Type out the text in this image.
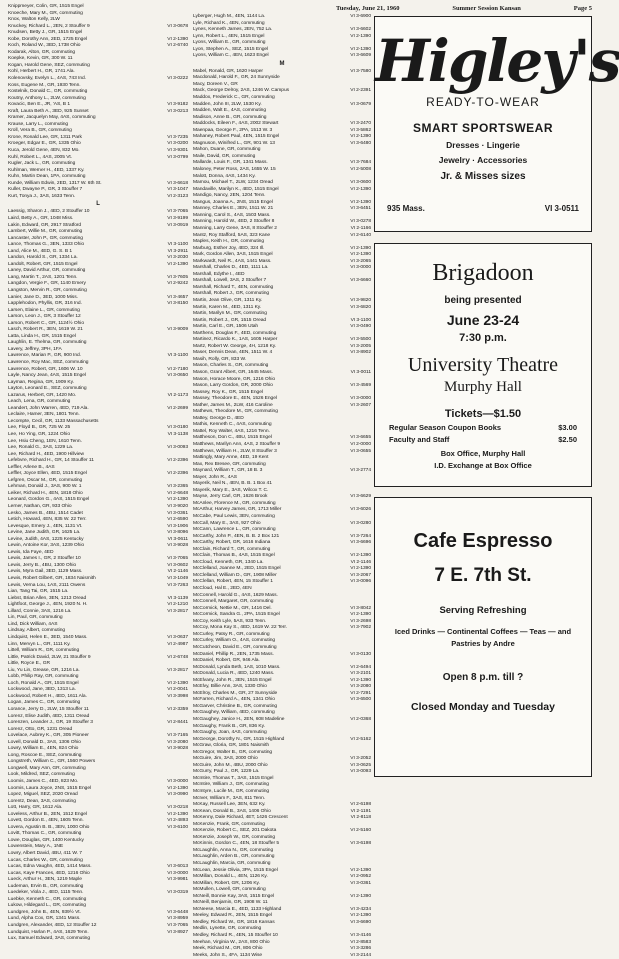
Tuesday, June 21, 1960	Summer Session Kansan	Page 5
Knippmeyer, Colin, GR, 1515 Engel
Knoeche, Mary M., GR, commuting
Knox, Walton Kelly, 2LW
Knuckey, Richard L., 2EN, 2 Stouffer 9	VI 3-0678
Knudsen, Betty J., GR, 1515 Engel
Kobe, Dorothy Ann, 2ED, 1725 Engel	VI 2-1390
Koch, Roland W., 3ED, 1738 Ohio	VI 2-6740
Kodarak, Alton, GR, commuting
Koepke, Kevin, GR, 300 W. 11
Kogan, Harold Gene, SEZ, commuting
Kohl, Herbert H., GR, 1741 Ala.
Kolenovsky, Evelyn L., 4AS, 743 Ind.	VI 3-0222
Koss, Eugene M., GR, 1930 Tenn.
Kostelnik, Donald C., GR, commuting
Koutny, Anthony L., 2LW, commuting
Kovacic, Ben E., JR, 'AS, B 1	VI 3-9182
Kraft, Laura Beth A., 3ED, 925 Sunset	VI 3-0213
Kramer, Jacquelyn May, 4AS, commuting
Krause, Larry L., commuting
Kroll, Vera B., GR, commuting
Krone, Ronald Lee, GR, 1311 Park	VI 3-7235
Kroeger, Edgar E., GR, 1335 Ohio	VI 3-0200
Kuca, Jerold Gene, 4EN, 832 Mo.	VI 3-9301
Kuhl, Robert L., 4AS, 2005 Vt.	VI 3-0799
Kugler, Jack L., GR, commuting
Kuhlman, Werner H., 4ED, 1337 Ky.
Kuhn, Martin Dean, 1PA, commuting
Kunde, William Edwin, 2ED, 1317 W. 6th St.	VI 3-6618
Kuller, Dwayne P., GR, 3 Stouffer 7	VI 3-1047
Kurt, Tonya J., 3AS, 1633 Tenn.	VI 2-3123
L
Laessig, Sharon J., 4ED, 2 Stouffer 10	VI 3-7065
Laird, Betty A., GR, 1048 Miss.	VI 3-9199
Lakin, Edward, GR, 2917 Stratford	VI 3-0919
Lambert, Willie M., GR, commuting
Lancaster, John P., GR, commuting
Lance, Thomas G., 3EN, 1333 Ohio	VI 3-1100
Land, Alice M., 4ED, G. S. B 1	VI 3-2911
Landon, Harold S., GR, 1334 La.	VI 3-2030
Landolt, Robert, GR, 1515 Engel	VI 2-1390
Laney, David Arthur, GR, commuting
Lang, Martin T., 2AS, 1201 Tenn.	VI 3-7605
Langdon, Vergie F., GR, 1140 Emery	VI 2-9242
Langston, Mervin R., GR, commuting
Lanier, Jane D., 3ED, 1000 Miss.	VI 3-4657
Lapplehodon, Phyllis, GR, 316 Ind.	VI 3-8150
Larsen, Elaine L., GR, commuting
Larson, Leon J., GR, 3 Stouffer 12
Larson, Robert C., GR, 1124½ Ohio
Lasch, Robert R., 3EN, 1619 W. 21	VI 3-9009
Latta, Linda H., GR, 1515 Engel
Laughlin, E. Thelma, GR, commuting
Lavery, Jeffrey, 3PH, 1FA
Lawrence, Marian P., GR, 900 Ind.	VI 3-1100
Lawrence, Roy Mac, SEZ, commuting
Lawrence, Robert, GR, 1606 W. 10	VI 2-7180
Layle, Nancy Jean, 4AS, 1515 Engel	VI 3-0650
Layman, Regina, GR, 1909 Ky.
Layton, Leonard E., SEZ, commuting
Lazarus, Herbert, GR, 1420 Mo.	VI 2-1173
Leach, Lena, GR, commuting
Leandert, John Warren, 4ED, 719 Ala.	VI 2-2699
Leclaire, Hamer, 3EN, 1801 Tenn.
Lecompte, Cecil, GR, 1133 Massachusetts
Lee, Floyd B., GR, 725 W. 25	VI 3-0180
Lee, Ho Ying, GR, 1224 Ohio	VI 3-1138
Lee, Hsiu Cheng, 1EN, 1610 Tenn.
Lee, Ronald G., 3AS, 1229 La.	VI 3-0093
Lee, Richard H., 4ED, 1900 Hillview
Lefebvre, Richard H., GR, 14 Stouffer 11	VI 2-2396
Leffler, Arlene B., 4AS
Leffler, Joyce Ellen, 4ED, 1515 Engel	VI 2-2396
Lefgren, Oscar M., GR, commuting
Lehman, Donald J., 3AS, 900 W. 1	VI 3-2365
Leiker, Richard H., 4EN, 1818 Ohio	VI 2-6648
Leonard, Gordon G., 4AS, 1515 Engel	VI 2-1390
Lerner, Nathan, GR, 933 Ohio	VI 3-9020
Lesko, James B., 4BU, 1514 Cadet	VI 3-0361
Letich, Howard, 4EN, 835 W. 22 Terr.	VI 2-6590
Levesque, Emery J., 4EN, 1131 Vt.	VI 3-1906
Levine, Jane Judith, GR, 1625 La.	VI 3-8096
Levine, Judith, 4AS, 1225 Kentucky	VI 3-0611
Lewin, Antoine Kor, 3AS, 1239 Ohio	VI 3-9028
Lewis, Ida Faye, 4ED
Lewis, James I., GR, 2 Stouffer 10	VI 3-7065
Lewis, Jerry B., 4BU, 1300 Ohio	VI 3-0602
Lewis, Myra Gail, 3ED, 1129 Mass.	VI 2-1146
Lewis, Robert Gilbert, GR, 1834 Naismith	VI 3-1049
Lewis, Verna Lou, 1AS, 2111 Owens	VI 3-7263
Lian, Tang Tai, GR, 1515 La.
Liebst, Brian Allen, 3EN, 1213 Oread	VI 3-1139
Lightfoot, George J., 4EN, 1920 N. H.	VI 2-1210
Lillard, Connie, 3AS, 1216 La.	VI 3-2817
Lin, Paul, GR, commuting
Lind, Dick William, 4AS
Lindsay, Albert, commuting
Lindquist, Helen E., 3ED, 1540 Mass.	VI 3-0637
Linn, Mervyn L., GR, 1111 Ky.	VI 2-4987
Littell, William R., GR, commuting
Little, Patrick David, 2LW, 21 Stouffer 9	VI 2-6748
Little, Royce E., GR
Liu, Yu Lin, Grease, GR, 1216 La.	VI 3-2817
Lobb, Philip Ray, GR, commuting
Loch, Ronald A., GR, 1515 Engel	VI 2-1390
Lockwood, Jane, 3ED, 1313 La.	VI 2-0041
Lockwood, Robert H., 4ED, 1611 Ala.	VI 3-3998
Logan, James C., GR, commuting
Lorance, Jerry D., 2LW, 15 Stouffer 11	VI 2-3359
Lorenz, Elise Judith, 4ED, 1311 Oread
Lorenzen, Leander J., GR, 19 Stouffer 3	VI 2-8441
Lorenz, Otto, GR, 1231 Oread
Lovelace, Aubrey K., GR, 305 Pioneer	VI 3-7165
Lovell, Donald D., 3AS, 1306 Ohio	VI 3-2080
Lowry, William E., 4EN, 824 Ohio	VI 3-9028
Long, Roscoe E., SEZ, commuting
Longstreth, William C., GR, 1560 Powers
Longwell, Mary Ann, GR, commuting
Look, Mildred, SEZ, commuting
Loomis, James C., 4ED, 823 Mo.	VI 3-0000
Loomis, Laura Joyce, 2NS, 1515 Engel	VI 2-1390
Lopez, Miguel, SEZ, 2020 Oread	VI 3-0990
Lorentz, Dean, 3AS, commuting
Lott, Harry, GR, 1612 Ala.	VI 3-0218
Loveless, Arthur B., 2EN, 1512 Engel	VI 2-1390
Lovett, Gordon E., 4EN, 1605 Tenn.	VI 2-4893
Lovera, Agustin B. B., 3EN, 1000 Ohio	VI 3-6100
Lovitt, Thomas C., GR, commuting
Lowe, Douglas, GR, 1400 Kentucky
Lowenstein, Mary A., 1NE
Lowry, Albert David, 4BU, 411 W. 7
Lucas, Charles W., GR, commuting
Lucas, Edna Vaughn, 4ED, 1414 Mass.	VI 3-6013
Lucas, Kaye Frances, 4ED, 1216 Ohio	VI 3-0000
Lueck, Arthur H., 3EN, 1219 Maple	VI 3-9981
Ludeman, Ervin B., GR, commuting
Luedeker, Viola J., 4ED, 1115 Tenn.	VI 3-0319
Luebke, Kenneth C., GR, commuting
Lukow, Hildegard L., GR, commuting
Lundgren, John B., 4EN, 939½ Vt.	VI 3-6448
Lund, Alpha Cox, GR, 1341 Mass.	VI 3-8959
Lundgren, Alexander, 4ED, 12 Stouffer 12	VI 3-7065
Lundquist, Harlan P., 4AS, 1629 Tenn.	VI 3-8927
Lux, Samuel Edward, 3AS, commuting
Lyberger, Hugh M., 4EN, 1144 La.	VI 3-6900
Lyle, Richard K., 4EN, commuting
Lynes, Kenneth James, 2EN, 752 La.	VI 3-6602
Lynn, Robert L., 4EN, 1515 Engel	VI 2-1390
Lyons, William E., GR, commuting
Lyon, Stephen A., SEZ, 1515 Engel	VI 2-1390
Lyons, William C., 4EN, 1623 Engel	VI 3-6609
M
Mabel, Ronald, GR, 1620 Harper	VI 3-7580
Macdonald, Harold F., GR, 24 Sunnyside
Macy, Doreen V., GR
Mack, George Delroy, 2AS, 1246 W. Campus	VI 2-2391
Maddox, Frederick C., GR, commuting
Madden, John III, 2LW, 1530 Ky.	VI 3-0679
Madden, Walt E., 4AS, commuting
Madison, Anne B., GR, commuting
Maddocks, Eileen F., 4AS, 2002 Stewart	VI 3-2470
Maenpaa, George F., 2PA, 1513 W. 3	VI 3-5862
Mahaney, Robert Paul, 4EN, 1515 Engel	VI 2-1390
Magnuson, Winifred L., GR, 901 W. 13	VI 3-6480
Mahon, Duane, GR, commuting
Maile, David, GR, commuting
Mallarde, Louis F., GR, 1341 Mass.	VI 3-7684
Maloney, Peter Ross, 2AS, 1655 W. 15	VI 2-5008
Malott, Donna, 4AS, 1434 Ky.
Mamou, Michael T., 2LW, 1234 Oread	VI 3-0600
Mandaville, Marilyn K., 4ED, 1515 Engel	VI 2-1390
Mandigo, Nancy, 2EN, 1204 Tenn.
Mangus, Joanna A., 2NS, 1515 Engel	VI 2-1390
Manney, Charles E., 3EN, 1511 W. 21	VI 3-6451
Manning, Carol S., 4AS, 1503 Mass.
Manning, Harold W., 4ED, 2 Stouffer 8	VI 3-0278
Manning, Larry Gene, 3AS, 8 Stouffer 2	VI 2-1166
Mantz, Roy Stafford, 5AS, 323 Kane	VI 2-6140
Maples, Keith H., GR, commuting
Marburg, Esther Joy, 4ED, 324 Ill.	VI 2-1390
Mark, Gordon Allen, 3AS, 1515 Engel	VI 2-1390
Markwardt, Neil R., 4AS, 1441 Mass.	VI 3-2065
Marshall, Charles D., 4ED, 1111 La.	VI 3-0000
Marshall, Edythe I., 4ED
Marshall, Lowell, 3AS, 2 Stouffer 7	VI 3-6660
Marshall, Richard T., 4EN, commuting
Marshall, Robert J., GR, commuting
Martin, Jean Olive, GR, 1311 Ky.	VI 3-9820
Martin, Karen M., 4ED, 1311 Ky.	VI 3-6820
Martin, Marilyn M., GR, commuting
Martin, Robert J., GR, 1515 Oread	VI 3-1100
Martin, Carl E., GR, 1506 Utah	VI 3-0490
Marthens, Douglas F., 4ED, commuting
Martinez, Ricardo K., 1AS, 1605 Harper	VI 3-5500
Martz, Robert W. George, 4H, 1218 Ky.	VI 3-2005
Maser, Dennis Dean, 4EN, 1511 W. 4	VI 3-8902
Masih, Rolly, GR, 833 W.
Mason, Charles S., GR, commuting
Mason, Grant Albert, GR, 1645 Mass.	VI 3-0011
Mason, Horace Moore, GR, 1216 Ohio
Mason, Larry Gordon, GR, 2000 Ohio	VI 3-4569
Massey, Roy K., GR, 1515 Engel
Massey, Theodore E., 4EN, 1526 Engel	VI 3-0000
Mather, James M., 2LW, 416 Caroline	VI 3-2607
Mathews, Theodore M., GR, commuting
Mattey, George D., 4ED
Mathis, Kenneth C., 4AS, commuting
Mattel, Roy Walter, 4AS, 1216 Tenn.
Mattheson, Don C., 4BU, 1515 Engel	VI 3-6655
Matthews, Marilyn Ann, 4AS, 2 Stouffer 9	VI 2-0000
Matthews, William H., 2LW, 8 Stouffer 3	VI 3-0655
Mattingly, Mary Anne, 4ED, 19 Kent
Max, Rex Bresee, GR, commuting
Maynard, William T., GR, 18 B. 3	VI 3-2774
Mayer, John R., 4AS
Mayerik, Neil N., 4EN, B. B. 1 Box 41
Mayerik, Mary E., 3AS, Wilcox T. C.
Mayse, Jerry Carl, GR, 1626 Brook	VI 3-6629
McAnlee, Florence M., GR, commuting
McArthur, Harvey James, GR, 1713 Miller	VI 3-6026
McCabe, Paul Lewis, 3EN, commuting
McCall, Mary E., 3AS, 927 Ohio	VI 3-0280
McCann, Lawrence L., GR, commuting
McCarthy, John P., 4EN, B. B. 2 Box 121	VI 3-7264
McCarthy, Robert, GR, 1616 Indiana	VI 3-6696
McClain, Richard T., GR, commuting
McClain, Thomas B., 4AS, 1515 Engel	VI 2-1390
McCloud, Kenneth, GR, 1340 La.	VI 2-1146
McClelland, Joanne M., 2ED, 1515 Engel	VI 2-1390
McClelland, William D., GR, 1908 Miller	VI 3-2067
McClellan, Robert, 4EN, 15 Stouffer 1	VI 3-0096
McCloud, Hal E., 2ED, 4EN
McConnell, Harold G., 4AS, 1629 Mass.
McConnell, Margaret, GR, commuting
McCormick, Nettie M., GR, 1416 Del.	VI 3-8042
McCormick, Sandra G., 2PA, 1515 Engel	VI 2-1390
McCoy, Keith Lyle, 5AS, 933 Tenn.	VI 3-2698
McCoy, Mona Kay S., 4ED, 1619 W. 22 Terr.	VI 3-7902
McCurley, Patsy R., GR, commuting
McCurley, William O., 4AS, commuting
McCutcheon, David E., GR, commuting
McDaniel, Phillip R., 2EN, 1735 Mass.	VI 3-0130
McDaniel, Robert, GR, 946 Ala.
McDonald, Lynda Beth, 1AS, 1010 Mass.	VI 2-6494
McDonald, Lucia R., 4ED, 1240 Mass.	VI 3-2101
McElvany, John R., 3EN, 1515 Engel	VI 2-1390
McElvy, Billie Ann, 3AS, 1330 Ohio	VI 3-2080
McElroy, Charles M., GR, 27 Sunnyside	VI 2-7291
McFarren, Richard A., 4EN, 1341 Ohio	VI 3-6500
McGarver, Christine B., GR, commuting
McGaughey, William, 4ED, commuting
McGaughey, Janice H., 2EN, 608 Madeline	VI 2-0368
McGaughy, Frank B., GR, 836 Ky.
McGaughy, Joan, 4AS, commuting
McGeorge, Dorothy N., GR, 1515 Highland	VI 2-5162
McGraw, Gloria, GR, 1801 Naismith
McGregor, Walter B., GR, commuting
McGuire, Jim, 3AS, 2000 Ohio	VI 3-2052
McGuire, John M., 4BU, 2000 Ohio	VI 3-0625
McGurry, Paul J., GR, 1229 La.	VI 3-0093
McIntire, Thomas T., 3AS, 1515 Engel
McIntire, William J., GR, commuting
McIntyre, Lucile M., GR, commuting
McIver, William F., 3AS, 811 Tenn.
McKay, Russell Lee, 3EN, 632 Ky.	VI 2-6198
McKean, Donald B., 3AS, 1406 Ohio	VI 2-1191
McKenny, Dale Richard, 4ET, 1426 Crescent	VI 2-8118
McKenzie, Frank, GR, commuting
McKenzie, Robert C., SEZ, 201 Dakota	VI 2-5160
McKenzie, Joseph W., GR, commuting
McKinnis, Gordon C., 4EN, 18 Stouffer 5	VI 3-6198
McLaughlin, Anna N., GR, commuting
McLaughlin, Arden B., GR, commuting
McLaughlin, Marcia, GR, commuting
McLean, Jessie Olivia, 3PA, 1515 Engel	VI 2-1390
McMillan, Donald L., 4EN, 1126 Ky.	VI 2-0952
McMillan, Robert, GR, 1206 Ky.	VI 3-0361
McMullen, Lowell, GR, commuting
McNeill, Bonnie Kay, 3AS, 1515 Engel	VI 2-1390
McNeill, Benjamin, GR, 1908 W. 11
McNeese, Marcia E., 4ED, 1133 Highland	VI 3-4234
Meeley, Edward R., 2EN, 1515 Engel	VI 2-1390
Medley, Richard W., GR, 1816 Kansas	VI 3-6690
Medlin, Lynette, GR, commuting
Medley, Richard R., 4EN, 15 Stouffer 10	VI 3-4146
Meehan, Virginia W., 2AS, 800 Ohio	VI 2-8583
Meek, Richard M., GR, 806 Ohio	VI 3-3286
Meeks, John S., 4FA, 1134 Wise	VI 3-2144
Higley's
READY-TO-WEAR
SMART SPORTSWEAR
Dresses · Lingerie
Jewelry · Accessories
Jr. & Misses sizes
935 Mass.	VI 3-0511
Brigadoon
being presented
June 23-24
7:30 p.m.
University Theatre
Murphy Hall
Tickets—$1.50
Regular Season Coupon Books	$3.00
Faculty and Staff	$2.50
Box Office, Murphy Hall
I.D. Exchange at Box Office
Cafe Espresso
7 E. 7th St.
Serving Refreshing
Iced Drinks — Continental Coffees — Teas — and Pastries by Andre
Open 8 p.m. till ?
Closed Monday and Tuesday
